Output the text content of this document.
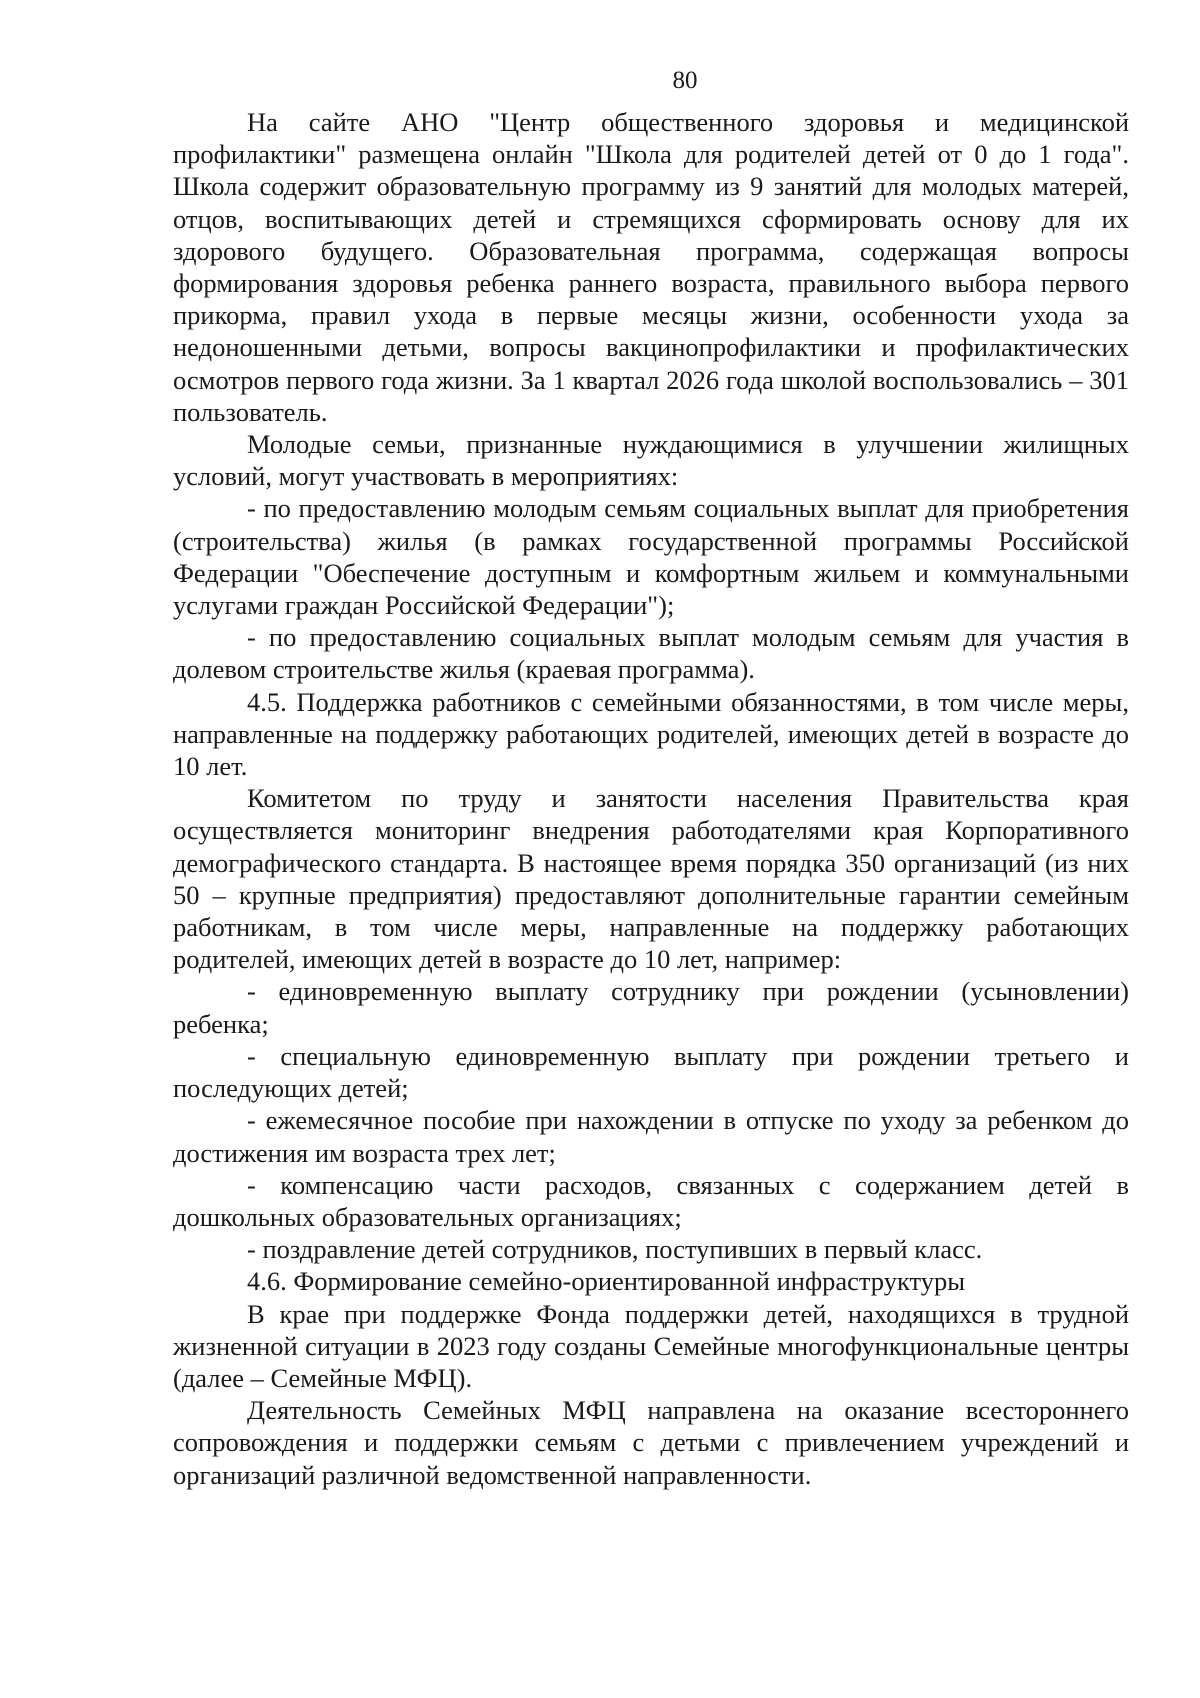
80

На сайте АНО "Центр общественного здоровья и медицинской профилактики" размещена онлайн "Школа для родителей детей от 0 до 1 года". Школа содержит образовательную программу из 9 занятий для молодых матерей, отцов, воспитывающих детей и стремящихся сформировать основу для их здорового будущего. Образовательная программа, содержащая вопросы формирования здоровья ребенка раннего возраста, правильного выбора первого прикорма, правил ухода в первые месяцы жизни, особенности ухода за недоношенными детьми, вопросы вакцинопрофилактики и профилактических осмотров первого года жизни. За 1 квартал 2026 года школой воспользовались – 301 пользователь.

Молодые семьи, признанные нуждающимися в улучшении жилищных условий, могут участвовать в мероприятиях:

- по предоставлению молодым семьям социальных выплат для приобретения (строительства) жилья (в рамках государственной программы Российской Федерации "Обеспечение доступным и комфортным жильем и коммунальными услугами граждан Российской Федерации");

- по предоставлению социальных выплат молодым семьям для участия в долевом строительстве жилья (краевая программа).

4.5. Поддержка работников с семейными обязанностями, в том числе меры, направленные на поддержку работающих родителей, имеющих детей в возрасте до 10 лет.

Комитетом по труду и занятости населения Правительства края осуществляется мониторинг внедрения работодателями края Корпоративного демографического стандарта. В настоящее время порядка 350 организаций (из них 50 – крупные предприятия) предоставляют дополнительные гарантии семейным работникам, в том числе меры, направленные на поддержку работающих родителей, имеющих детей в возрасте до 10 лет, например:

- единовременную выплату сотруднику при рождении (усыновлении) ребенка;

- специальную единовременную выплату при рождении третьего и последующих детей;

- ежемесячное пособие при нахождении в отпуске по уходу за ребенком до достижения им возраста трех лет;

- компенсацию части расходов, связанных с содержанием детей в дошкольных образовательных организациях;

- поздравление детей сотрудников, поступивших в первый класс.

4.6. Формирование семейно-ориентированной инфраструктуры

В крае при поддержке Фонда поддержки детей, находящихся в трудной жизненной ситуации в 2023 году созданы Семейные многофункциональные центры (далее – Семейные МФЦ).

Деятельность Семейных МФЦ направлена на оказание всестороннего сопровождения и поддержки семьям с детьми с привлечением учреждений и организаций различной ведомственной направленности.
